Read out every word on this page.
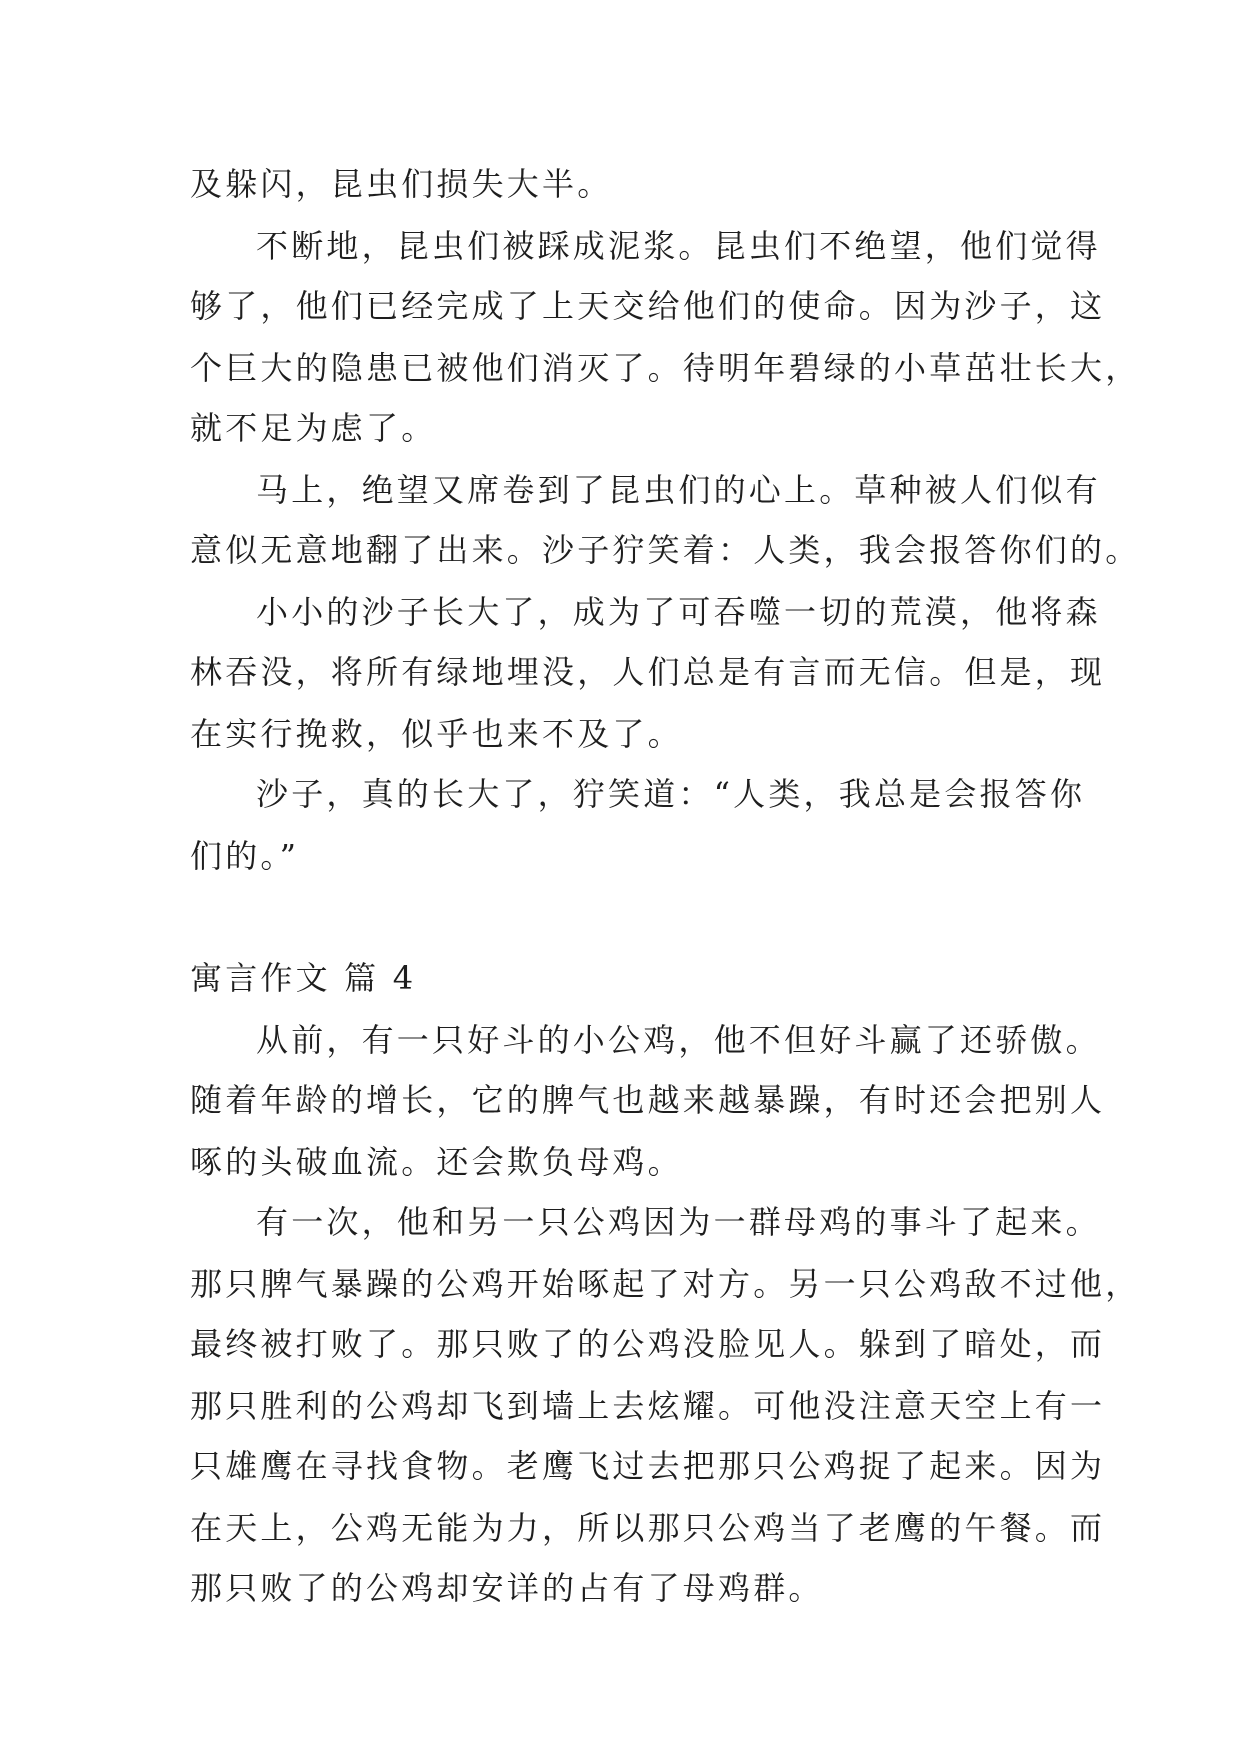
及躲闪，昆虫们损失大半。

不断地，昆虫们被踩成泥浆。昆虫们不绝望，他们觉得

够了，他们已经完成了上天交给他们的使命。因为沙子，这

个巨大的隐患已被他们消灭了。待明年碧绿的小草茁壮长大，

就不足为虑了。

马上，绝望又席卷到了昆虫们的心上。草种被人们似有

意似无意地翻了出来。沙子狞笑着：人类，我会报答你们的。

小小的沙子长大了，成为了可吞噬一切的荒漠，他将森

林吞没，将所有绿地埋没，人们总是有言而无信。但是，现

在实行挽救，似乎也来不及了。

沙子，真的长大了，狞笑道：“人类，我总是会报答你

们的。”

寓言作文 篇 4

从前，有一只好斗的小公鸡，他不但好斗赢了还骄傲。

随着年龄的增长，它的脾气也越来越暴躁，有时还会把别人

啄的头破血流。还会欺负母鸡。

有一次，他和另一只公鸡因为一群母鸡的事斗了起来。

那只脾气暴躁的公鸡开始啄起了对方。另一只公鸡敌不过他，

最终被打败了。那只败了的公鸡没脸见人。躲到了暗处，而

那只胜利的公鸡却飞到墙上去炫耀。可他没注意天空上有一

只雄鹰在寻找食物。老鹰飞过去把那只公鸡捉了起来。因为

在天上，公鸡无能为力，所以那只公鸡当了老鹰的午餐。而

那只败了的公鸡却安详的占有了母鸡群。
